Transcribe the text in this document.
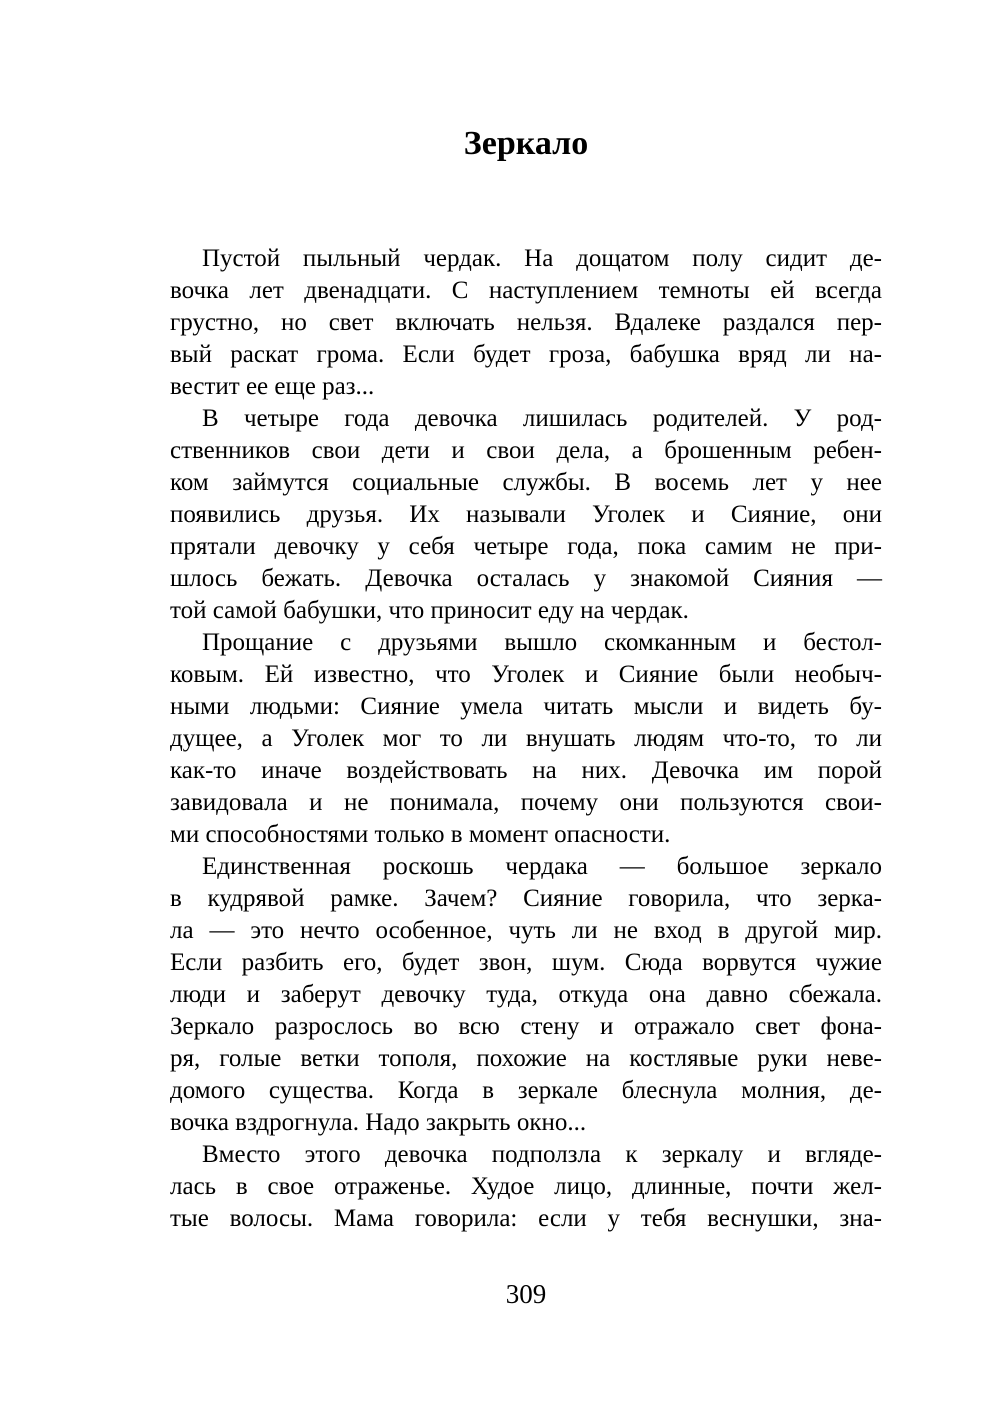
Зеркало
Пустой пыльный чердак. На дощатом полу сидит де-
вочка лет двенадцати. С наступлением темноты ей всегда
грустно, но свет включать нельзя. Вдалеке раздался пер-
вый раскат грома. Если будет гроза, бабушка вряд ли на-
вестит ее еще раз...
В четыре года девочка лишилась родителей. У род-
ственников свои дети и свои дела, а брошенным ребен-
ком займутся социальные службы. В восемь лет у нее
появились друзья. Их называли Уголек и Сияние, они
прятали девочку у себя четыре года, пока самим не при-
шлось бежать. Девочка осталась у знакомой Сияния —
той самой бабушки, что приносит еду на чердак.
Прощание с друзьями вышло скомканным и бестол-
ковым. Ей известно, что Уголек и Сияние были необыч-
ными людьми: Сияние умела читать мысли и видеть бу-
дущее, а Уголек мог то ли внушать людям что-то, то ли
как-то иначе воздействовать на них. Девочка им порой
завидовала и не понимала, почему они пользуются свои-
ми способностями только в момент опасности.
Единственная роскошь чердака — большое зеркало
в кудрявой рамке. Зачем? Сияние говорила, что зерка-
ла — это нечто особенное, чуть ли не вход в другой мир.
Если разбить его, будет звон, шум. Сюда ворвутся чужие
люди и заберут девочку туда, откуда она давно сбежала.
Зеркало разрослось во всю стену и отражало свет фона-
ря, голые ветки тополя, похожие на костлявые руки неве-
домого существа. Когда в зеркале блеснула молния, де-
вочка вздрогнула. Надо закрыть окно...
Вместо этого девочка подползла к зеркалу и вгляде-
лась в свое отраженье. Худое лицо, длинные, почти жел-
тые волосы. Мама говорила: если у тебя веснушки, зна-
309
